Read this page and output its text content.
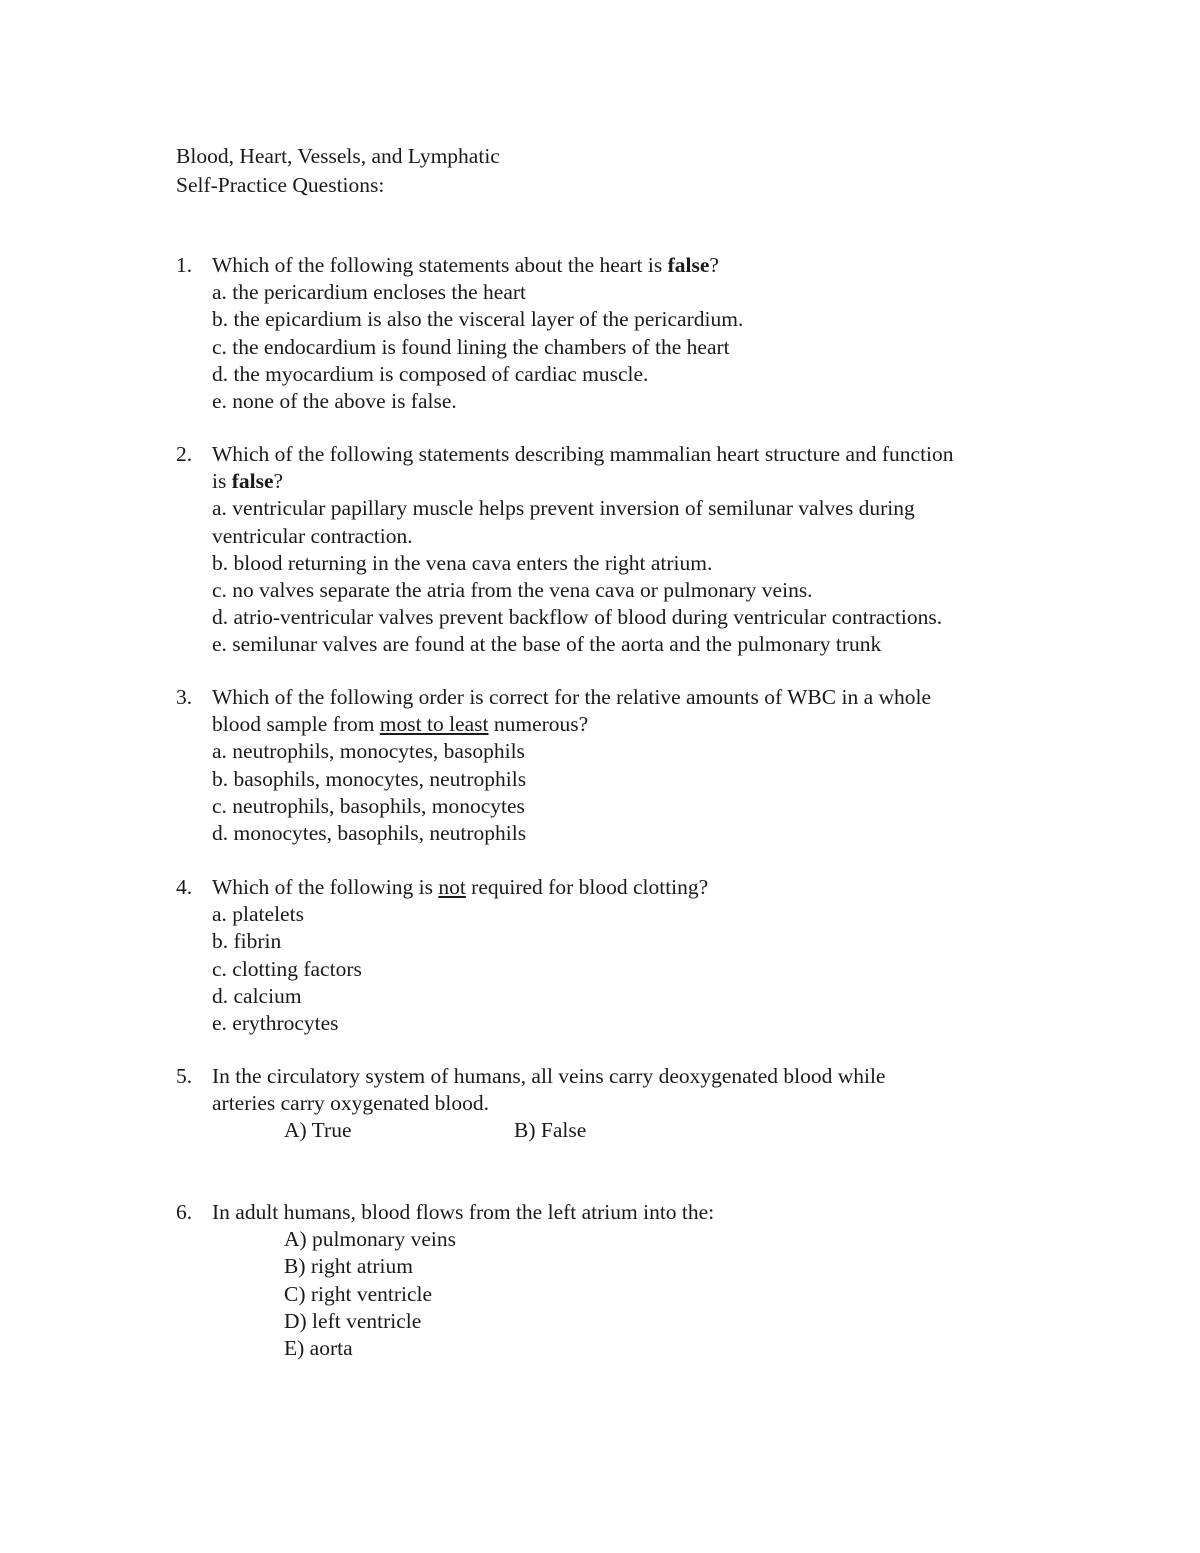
Blood, Heart, Vessels, and Lymphatic
Self-Practice Questions:
1. Which of the following statements about the heart is false?
a. the pericardium encloses the heart
b. the epicardium is also the visceral layer of the pericardium.
c. the endocardium is found lining the chambers of the heart
d. the myocardium is composed of cardiac muscle.
e. none of the above is false.
2. Which of the following statements describing mammalian heart structure and function
is false?
a. ventricular papillary muscle helps prevent inversion of semilunar valves during ventricular contraction.
b. blood returning in the vena cava enters the right atrium.
c. no valves separate the atria from the vena cava or pulmonary veins.
d. atrio-ventricular valves prevent backflow of blood during ventricular contractions.
e. semilunar valves are found at the base of the aorta and the pulmonary trunk
3. Which of the following order is correct for the relative amounts of WBC in a whole
blood sample from most to least numerous?
a. neutrophils, monocytes, basophils
b. basophils, monocytes, neutrophils
c. neutrophils, basophils, monocytes
d. monocytes, basophils, neutrophils
4. Which of the following is not required for blood clotting?
a. platelets
b. fibrin
c. clotting factors
d. calcium
e. erythrocytes
5. In the circulatory system of humans, all veins carry deoxygenated blood while
arteries carry oxygenated blood.
A) True	B) False
6. In adult humans, blood flows from the left atrium into the:
A) pulmonary veins
B) right atrium
C) right ventricle
D) left ventricle
E) aorta
